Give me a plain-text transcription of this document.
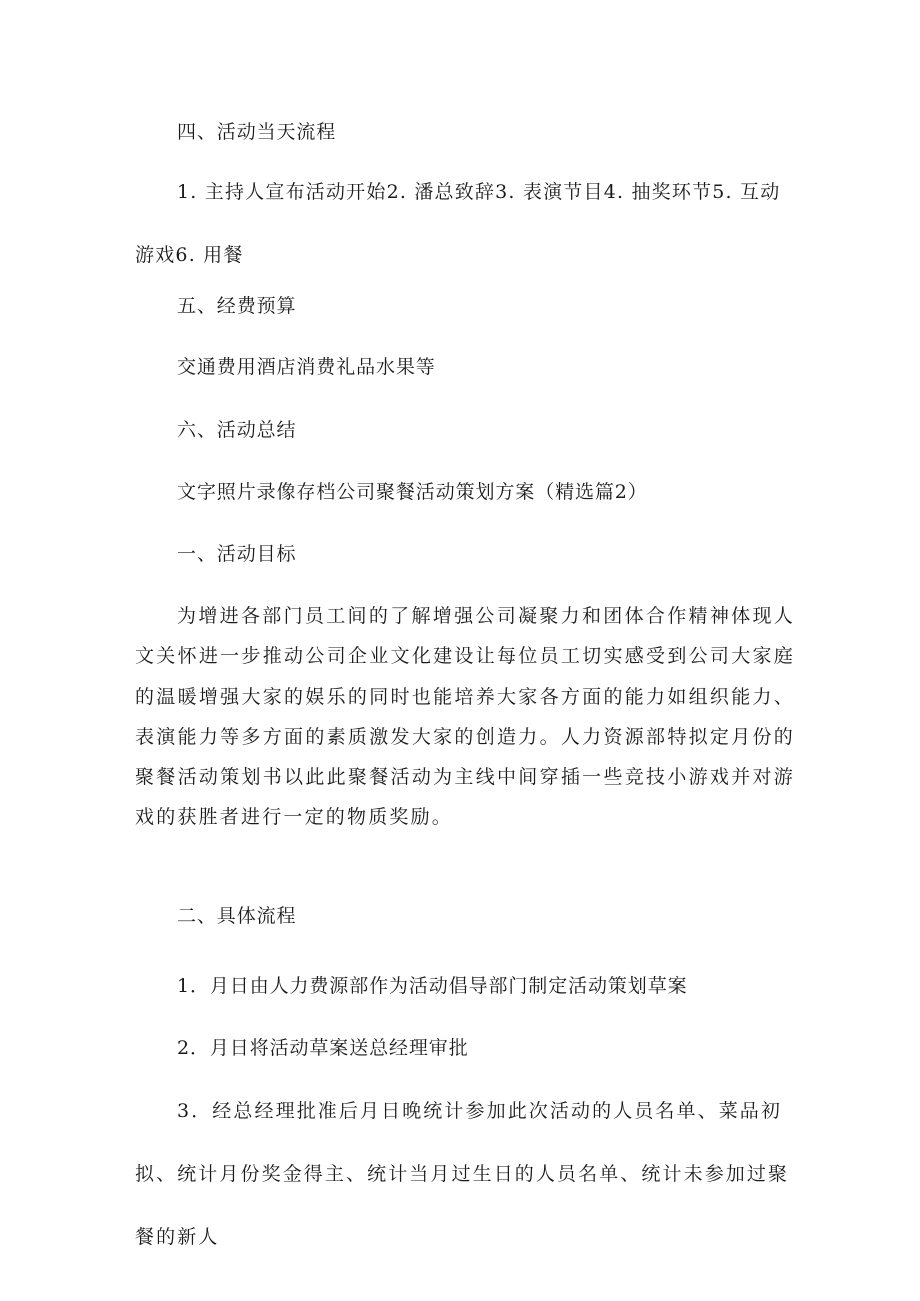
四、活动当天流程
1. 主持人宣布活动开始2. 潘总致辞3. 表演节目4. 抽奖环节5. 互动游戏6. 用餐
五、经费预算
交通费用酒店消费礼品水果等
六、活动总结
文字照片录像存档公司聚餐活动策划方案（精选篇2）
一、活动目标
为增进各部门员工间的了解增强公司凝聚力和团体合作精神体现人文关怀进一步推动公司企业文化建设让每位员工切实感受到公司大家庭的温暖增强大家的娱乐的同时也能培养大家各方面的能力如组织能力、表演能力等多方面的素质激发大家的创造力。人力资源部特拟定月份的聚餐活动策划书以此此聚餐活动为主线中间穿插一些竞技小游戏并对游戏的获胜者进行一定的物质奖励。
二、具体流程
1．月日由人力费源部作为活动倡导部门制定活动策划草案
2．月日将活动草案送总经理审批
3．经总经理批准后月日晚统计参加此次活动的人员名单、菜品初拟、统计月份奖金得主、统计当月过生日的人员名单、统计未参加过聚餐的新人
